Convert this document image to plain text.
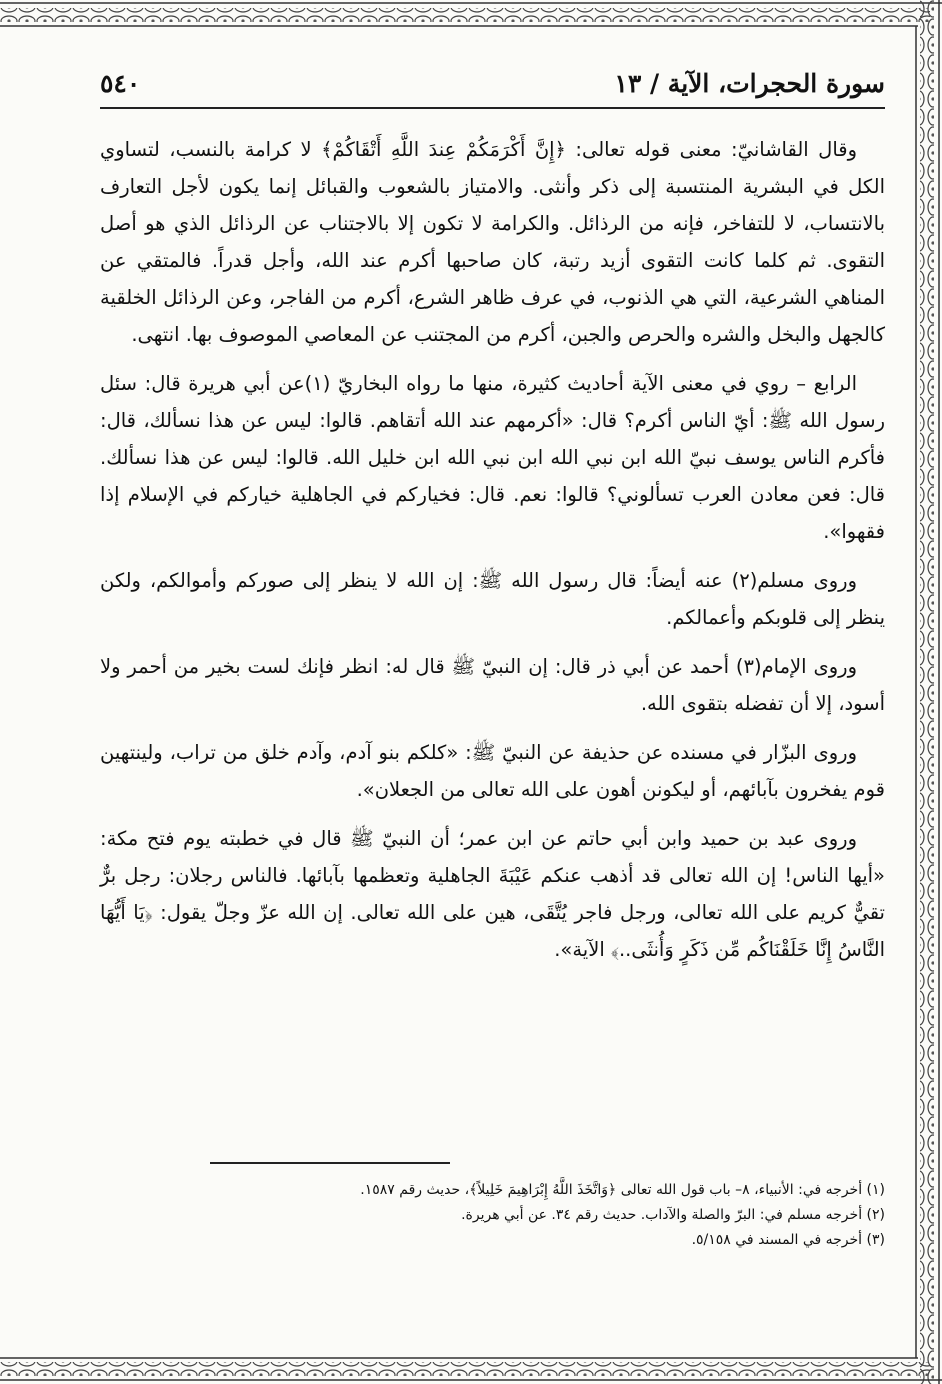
سورة الحجرات، الآية / ١٣
٥٤٠

وقال القاشانيّ: معنى قوله تعالى: ﴿إِنَّ أَكْرَمَكُمْ عِندَ اللَّهِ أَتْقَاكُمْ﴾ لا كرامة بالنسب، لتساوي الكل في البشرية المنتسبة إلى ذكر وأنثى. والامتياز بالشعوب والقبائل إنما يكون لأجل التعارف بالانتساب، لا للتفاخر، فإنه من الرذائل. والكرامة لا تكون إلا بالاجتناب عن الرذائل الذي هو أصل التقوى. ثم كلما كانت التقوى أزيد رتبة، كان صاحبها أكرم عند الله، وأجل قدراً. فالمتقي عن المناهي الشرعية، التي هي الذنوب، في عرف ظاهر الشرع، أكرم من الفاجر، وعن الرذائل الخلقية كالجهل والبخل والشره والحرص والجبن، أكرم من المجتنب عن المعاصي الموصوف بها. انتهى.

الرابع – روي في معنى الآية أحاديث كثيرة، منها ما رواه البخاريّ (١)عن أبي هريرة قال: سئل رسول الله ﷺ: أيّ الناس أكرم؟ قال: «أكرمهم عند الله أتقاهم. قالوا: ليس عن هذا نسألك، قال: فأكرم الناس يوسف نبيّ الله ابن نبي الله ابن نبي الله ابن خليل الله. قالوا: ليس عن هذا نسألك. قال: فعن معادن العرب تسألوني؟ قالوا: نعم. قال: فخياركم في الجاهلية خياركم في الإسلام إذا فقهوا».

وروى مسلم(٢) عنه أيضاً: قال رسول الله ﷺ: إن الله لا ينظر إلى صوركم وأموالكم، ولكن ينظر إلى قلوبكم وأعمالكم.

وروى الإمام(٣) أحمد عن أبي ذر قال: إن النبيّ ﷺ قال له: انظر فإنك لست بخير من أحمر ولا أسود، إلا أن تفضله بتقوى الله.

وروى البزّار في مسنده عن حذيفة عن النبيّ ﷺ: «كلكم بنو آدم، وآدم خلق من تراب، ولينتهين قوم يفخرون بآبائهم، أو ليكونن أهون على الله تعالى من الجعلان».

وروى عبد بن حميد وابن أبي حاتم عن ابن عمر؛ أن النبيّ ﷺ قال في خطبته يوم فتح مكة: «أيها الناس! إن الله تعالى قد أذهب عنكم عَيْبَةَ الجاهلية وتعظمها بآبائها. فالناس رجلان: رجل برٌّ تقيٌّ كريم على الله تعالى، ورجل فاجر يُتَّقَى، هين على الله تعالى. إن الله عزّ وجلّ يقول: ﴿يَا أَيُّهَا النَّاسُ إِنَّا خَلَقْنَاكُم مِّن ذَكَرٍ وَأُنثَى..﴾ الآية».

(١) أخرجه في: الأنبياء، ٨– باب قول الله تعالى ﴿وَاتَّخَذَ اللَّهُ إِبْرَاهِيمَ خَلِيلاً﴾، حديث رقم ١٥٨٧.
(٢) أخرجه مسلم في: البرّ والصلة والآداب. حديث رقم ٣٤. عن أبي هريرة.
(٣) أخرجه في المسند في ٥/١٥٨.
